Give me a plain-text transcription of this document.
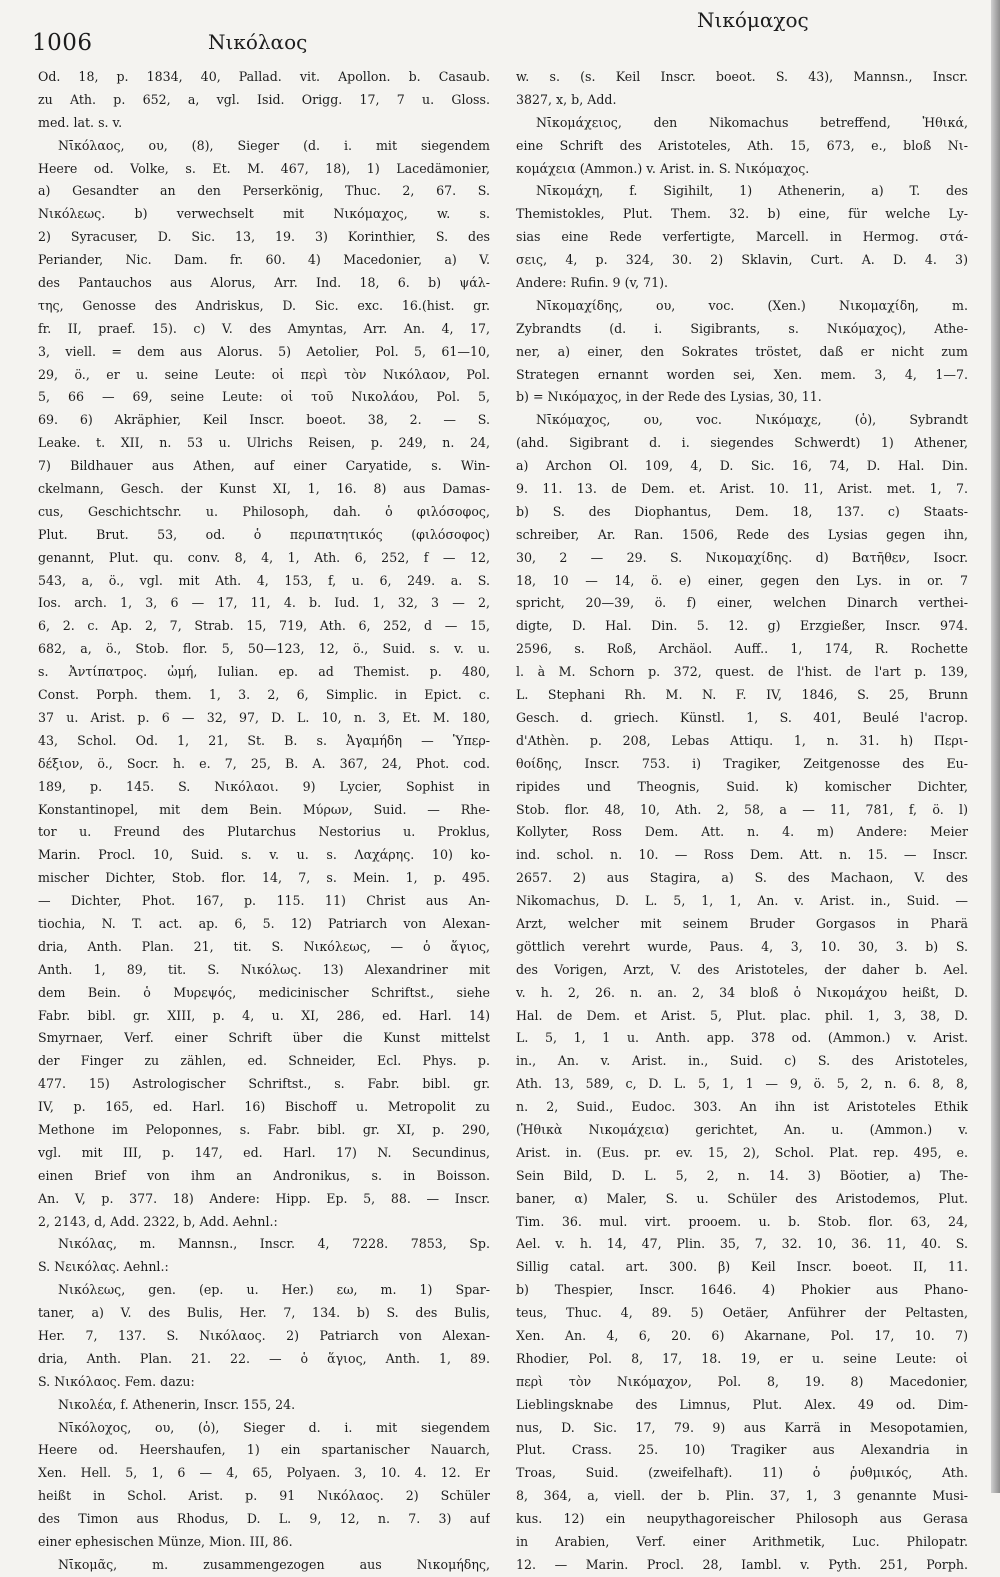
1006	Νικόλαος
Νικόμαχος
Od. 18, p. 1834, 40, Pallad. vit. Apollon. b. Casaub.
zu Ath. p. 652, a, vgl. Isid. Origg. 17, 7 u. Gloss.
med. lat. s. v.
Νῑκόλαος, ου, (8), Sieger (d. i. mit siegendem
Heere od. Volke, s. Et. M. 467, 18), 1) Lacedämonier,
a) Gesandter an den Perserkönig, Thuc. 2, 67. S.
Νικόλεως. b) verwechselt mit Νικόμαχος, w. s.
2) Syracuser, D. Sic. 13, 19. 3) Korinthier, S. des
Periander, Nic. Dam. fr. 60. 4) Macedonier, a) V.
des Pantauchos aus Alorus, Arr. Ind. 18, 6. b) ψάλ-
της, Genosse des Andriskus, D. Sic. exc. 16.(hist. gr.
fr. II, praef. 15). c) V. des Amyntas, Arr. An. 4, 17,
3, viell. = dem aus Alorus. 5) Aetolier, Pol. 5, 61—10,
29, ö., er u. seine Leute: οἱ περὶ τὸν Νικόλαον, Pol.
5, 66 — 69, seine Leute: οἱ τοῦ Νικολάου, Pol. 5,
69. 6) Akräphier, Keil Inscr. boeot. 38, 2. — S.
Leake. t. XII, n. 53 u. Ulrichs Reisen, p. 249, n. 24,
7) Bildhauer aus Athen, auf einer Caryatide, s. Win-
ckelmann, Gesch. der Kunst XI, 1, 16. 8) aus Damas-
cus, Geschichtschr. u. Philosoph, dah. ὁ φιλόσοφος,
Plut. Brut. 53, od. ὁ περιπατητικός (φιλόσοφος)
genannt, Plut. qu. conv. 8, 4, 1, Ath. 6, 252, f — 12,
543, a, ö., vgl. mit Ath. 4, 153, f, u. 6, 249. a. S.
Ios. arch. 1, 3, 6 — 17, 11, 4. b. Iud. 1, 32, 3 — 2,
6, 2. c. Ap. 2, 7, Strab. 15, 719, Ath. 6, 252, d — 15,
682, a, ö., Stob. flor. 5, 50—123, 12, ö., Suid. s. v. u.
s. Ἀντίπατρος. ὠμή, Iulian. ep. ad Themist. p. 480,
Const. Porph. them. 1, 3. 2, 6, Simplic. in Epict. c.
37 u. Arist. p. 6 — 32, 97, D. L. 10, n. 3, Et. M. 180,
43, Schol. Od. 1, 21, St. B. s. Ἀγαμήδη — Ὑπερ-
δέξιον, ö., Socr. h. e. 7, 25, B. A. 367, 24, Phot. cod.
189, p. 145. S. Νικόλαοι. 9) Lycier, Sophist in
Konstantinopel, mit dem Bein. Μύρων, Suid. — Rhe-
tor u. Freund des Plutarchus Nestorius u. Proklus,
Marin. Procl. 10, Suid. s. v. u. s. Λαχάρης. 10) ko-
mischer Dichter, Stob. flor. 14, 7, s. Mein. 1, p. 495.
— Dichter, Phot. 167, p. 115. 11) Christ aus An-
tiochia, N. T. act. ap. 6, 5. 12) Patriarch von Alexan-
dria, Anth. Plan. 21, tit. S. Νικόλεως, — ὁ ἅγιος,
Anth. 1, 89, tit. S. Νικόλως. 13) Alexandriner mit
dem Bein. ὁ Μυρεψός, medicinischer Schriftst., siehe
Fabr. bibl. gr. XIII, p. 4, u. XI, 286, ed. Harl. 14)
Smyrnaer, Verf. einer Schrift über die Kunst mittelst
der Finger zu zählen, ed. Schneider, Ecl. Phys. p.
477. 15) Astrologischer Schriftst., s. Fabr. bibl. gr.
IV, p. 165, ed. Harl. 16) Bischoff u. Metropolit zu
Methone im Peloponnes, s. Fabr. bibl. gr. XI, p. 290,
vgl. mit III, p. 147, ed. Harl. 17) N. Secundinus,
einen Brief von ihm an Andronikus, s. in Boisson.
An. V, p. 377. 18) Andere: Hipp. Ep. 5, 88. — Inscr.
2, 2143, d, Add. 2322, b, Add. Aehnl.:
Νικόλας, m. Mannsn., Inscr. 4, 7228. 7853, Sp.
S. Νεικόλας. Aehnl.:
Νικόλεως, gen. (ep. u. Her.) εω, m. 1) Spar-
taner, a) V. des Bulis, Her. 7, 134. b) S. des Bulis,
Her. 7, 137. S. Νικόλαος. 2) Patriarch von Alexan-
dria, Anth. Plan. 21. 22. — ὁ ἅγιος, Anth. 1, 89.
S. Νικόλαος. Fem. dazu:
Νικολέα, f. Athenerin, Inscr. 155, 24.
Νῑκόλοχος, ου, (ὁ), Sieger d. i. mit siegendem
Heere od. Heershaufen, 1) ein spartanischer Nauarch,
Xen. Hell. 5, 1, 6 — 4, 65, Polyaen. 3, 10. 4. 12. Er
heißt in Schol. Arist. p. 91 Νικόλαος. 2) Schüler
des Timon aus Rhodus, D. L. 9, 12, n. 7. 3) auf
einer ephesischen Münze, Mion. III, 86.
Νῑκομᾶς, m. zusammengezogen aus Νικομήδης,
w. s. (s. Keil Inscr. boeot. S. 43), Mannsn., Inscr.
3827, x, b, Add.
Νῑκομάχειος, den Nikomachus betreffend, Ἠθικά,
eine Schrift des Aristoteles, Ath. 15, 673, e., bloß Νι-
κομάχεια (Ammon.) v. Arist. in. S. Νικόμαχος.
Νῑκομάχη, f. Sigihilt, 1) Athenerin, a) T. des
Themistokles, Plut. Them. 32. b) eine, für welche Ly-
sias eine Rede verfertigte, Marcell. in Hermog. στά-
σεις, 4, p. 324, 30. 2) Sklavin, Curt. A. D. 4. 3)
Andere: Rufin. 9 (v, 71).
Νῑκομαχίδης, ου, voc. (Xen.) Νικομαχίδη, m.
Zybrandts (d. i. Sigibrants, s. Νικόμαχος), Athe-
ner, a) einer, den Sokrates tröstet, daß er nicht zum
Strategen ernannt worden sei, Xen. mem. 3, 4, 1—7.
b) = Νικόμαχος, in der Rede des Lysias, 30, 11.
Νῑκόμαχος, ου, voc. Νικόμαχε, (ὁ), Sybrandt
(ahd. Sigibrant d. i. siegendes Schwerdt) 1) Athener,
a) Archon Ol. 109, 4, D. Sic. 16, 74, D. Hal. Din.
9. 11. 13. de Dem. et. Arist. 10. 11, Arist. met. 1, 7.
b) S. des Diophantus, Dem. 18, 137. c) Staats-
schreiber, Ar. Ran. 1506, Rede des Lysias gegen ihn,
30, 2 — 29. S. Νικομαχίδης. d) Βατῆθεν, Isocr.
18, 10 — 14, ö. e) einer, gegen den Lys. in or. 7
spricht, 20—39, ö. f) einer, welchen Dinarch verthei-
digte, D. Hal. Din. 5. 12. g) Erzgießer, Inscr. 974.
2596, s. Roß, Archäol. Auff.. 1, 174, R. Rochette
l. à M. Schorn p. 372, quest. de l'hist. de l'art p. 139,
L. Stephani Rh. M. N. F. IV, 1846, S. 25, Brunn
Gesch. d. griech. Künstl. 1, S. 401, Beulé l'acrop.
d'Athèn. p. 208, Lebas Attiqu. 1, n. 31. h) Περι-
θοίδης, Inscr. 753. i) Tragiker, Zeitgenosse des Eu-
ripides und Theognis, Suid. k) komischer Dichter,
Stob. flor. 48, 10, Ath. 2, 58, a — 11, 781, f, ö. l)
Kollyter, Ross Dem. Att. n. 4. m) Andere: Meier
ind. schol. n. 10. — Ross Dem. Att. n. 15. — Inscr.
2657. 2) aus Stagira, a) S. des Machaon, V. des
Nikomachus, D. L. 5, 1, 1, An. v. Arist. in., Suid. —
Arzt, welcher mit seinem Bruder Gorgasos in Pharä
göttlich verehrt wurde, Paus. 4, 3, 10. 30, 3. b) S.
des Vorigen, Arzt, V. des Aristoteles, der daher b. Ael.
v. h. 2, 26. n. an. 2, 34 bloß ὁ Νικομάχου heißt, D.
Hal. de Dem. et Arist. 5, Plut. plac. phil. 1, 3, 38, D.
L. 5, 1, 1 u. Anth. app. 378 od. (Ammon.) v. Arist.
in., An. v. Arist. in., Suid. c) S. des Aristoteles,
Ath. 13, 589, c, D. L. 5, 1, 1 — 9, ö. 5, 2, n. 6. 8, 8,
n. 2, Suid., Eudoc. 303. An ihn ist Aristoteles Ethik
(Ἠθικὰ Νικομάχεια) gerichtet, An. u. (Ammon.) v.
Arist. in. (Eus. pr. ev. 15, 2), Schol. Plat. rep. 495, e.
Sein Bild, D. L. 5, 2, n. 14. 3) Böotier, a) The-
baner, α) Maler, S. u. Schüler des Aristodemos, Plut.
Tim. 36. mul. virt. prooem. u. b. Stob. flor. 63, 24,
Ael. v. h. 14, 47, Plin. 35, 7, 32. 10, 36. 11, 40. S.
Sillig catal. art. 300. β) Keil Inscr. boeot. II, 11.
b) Thespier, Inscr. 1646. 4) Phokier aus Phano-
teus, Thuc. 4, 89. 5) Oetäer, Anführer der Peltasten,
Xen. An. 4, 6, 20. 6) Akarnane, Pol. 17, 10. 7)
Rhodier, Pol. 8, 17, 18. 19, er u. seine Leute: οἱ
περὶ τὸν Νικόμαχον, Pol. 8, 19. 8) Macedonier,
Lieblingsknabe des Limnus, Plut. Alex. 49 od. Dim-
nus, D. Sic. 17, 79. 9) aus Karrä in Mesopotamien,
Plut. Crass. 25. 10) Tragiker aus Alexandria in
Troas, Suid. (zweifelhaft). 11) ὁ ῥυθμικός, Ath.
8, 364, a, viell. der b. Plin. 37, 1, 3 genannte Musi-
kus. 12) ein neupythagoreischer Philosoph aus Gerasa
in Arabien, Verf. einer Arithmetik, Luc. Philopatr.
12. — Marin. Procl. 28, Iambl. v. Pyth. 251, Porph.
